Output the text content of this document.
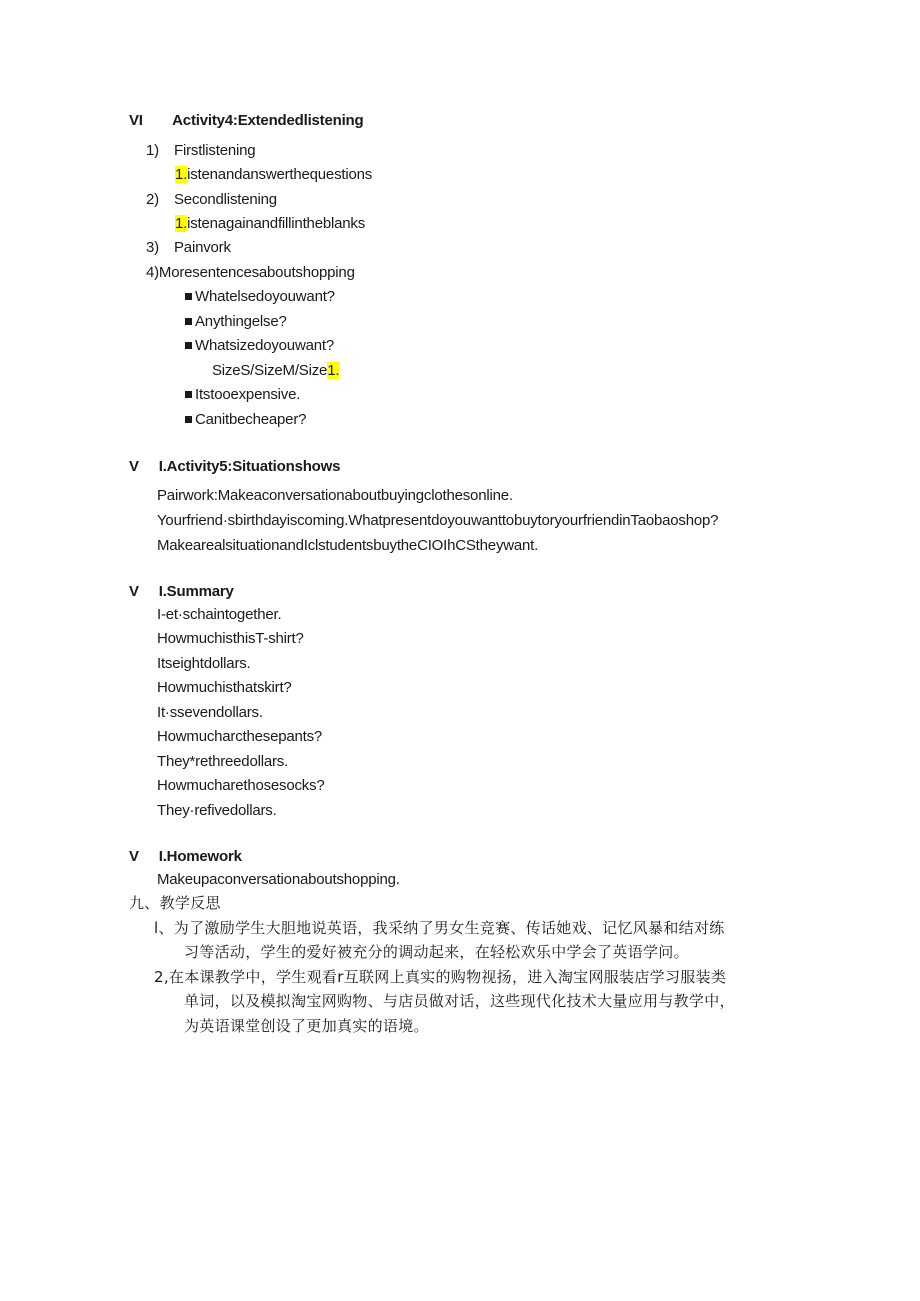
VI Activity4:Extendedlistening
1) Firstlistening
1.istenandanswerthequestions
2) Secondlistening
1.istenagainandfillintheblanks
3) Painvork
4)Moresentencesaboutshopping
Whatelsedoyouwant?
Anythingelse?
Whatsizedoyouwant?
SizeS/SizeM/Size1.
Itstooexpensive.
Canitbecheaper?
V I.Activity5:Situationshows
Pairwork:Makeaconversationaboutbuyingclothesonline.
Yourfriend·sbirthdayiscoming.WhatpresentdoyouwanttobuytoryourfriendinTaobaoshop?
MakearealsituationandIclstudentsbuytheCIOIhCStheywant.
V I.Summary
I-et·schaintogether.
HowmuchisthisT-shirt?
Itseightdollars.
Howmuchisthatskirt?
It·ssevendollars.
Howmucharcthesepants?
They*rethreedollars.
Howmucharethosesocks?
They·refivedollars.
V I.Homework
Makeupaconversationaboutshopping.
九、教学反思
l、为了激励学生大胆地说英语，我采纳了男女生竞赛、传话她戏、记忆风暴和结对练
习等活动，学生的爱好被充分的调动起来，在轻松欢乐中学会了英语学问。
2,在本课教学中，学生观看r互联网上真实的购物视扬，进入淘宝网服装店学习服装类
单词，以及模拟淘宝网购物、与店员做对话，这些现代化技术大量应用与教学中，
为英语课堂创设了更加真实的语境。
